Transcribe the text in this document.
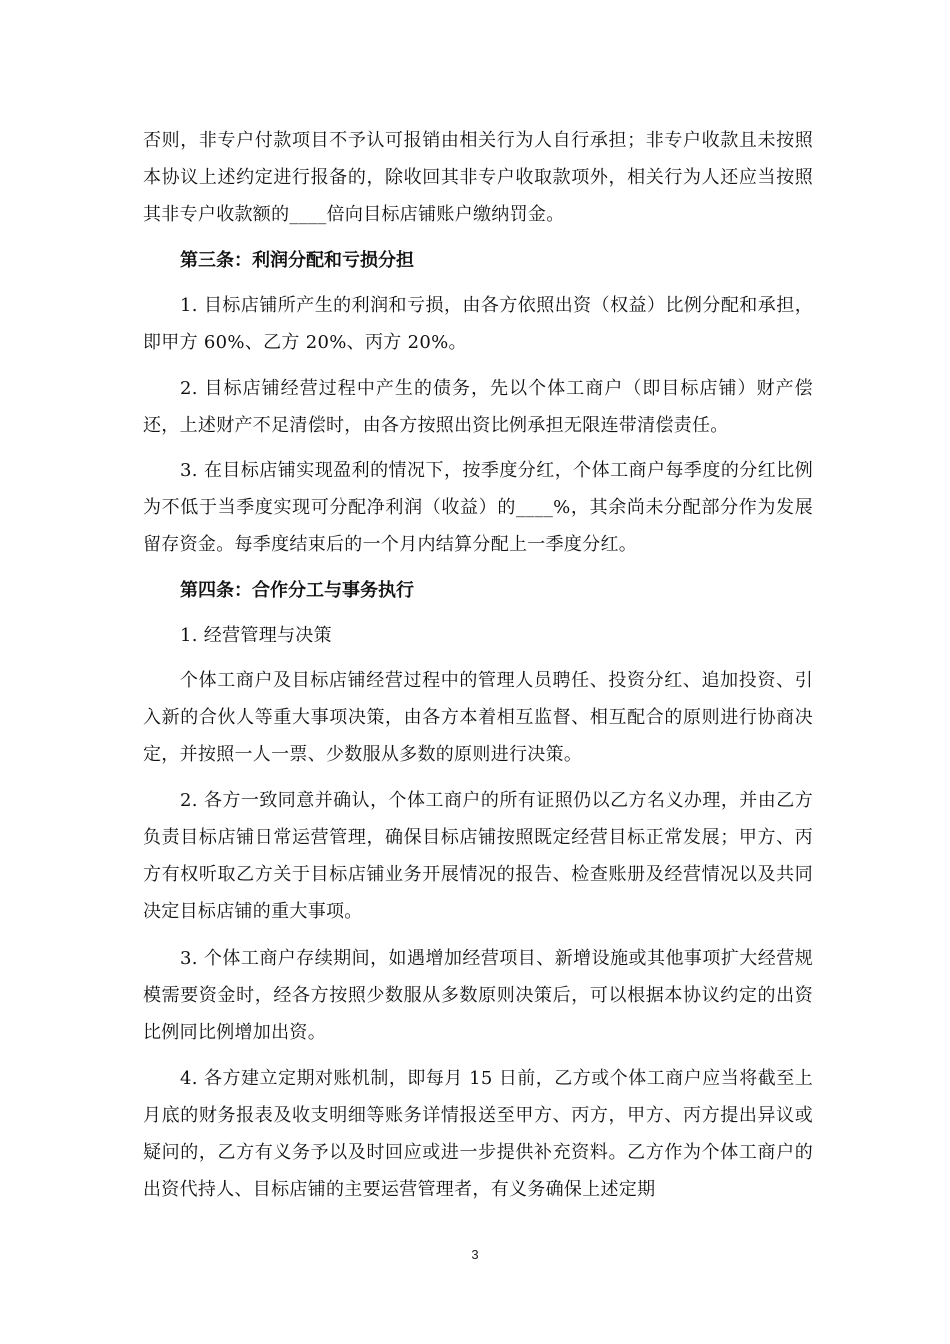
否则，非专户付款项目不予认可报销由相关行为人自行承担；非专户收款且未按照本协议上述约定进行报备的，除收回其非专户收取款项外，相关行为人还应当按照其非专户收款额的____倍向目标店铺账户缴纳罚金。

第三条：利润分配和亏损分担

1. 目标店铺所产生的利润和亏损，由各方依照出资（权益）比例分配和承担，即甲方 60%、乙方 20%、丙方 20%。

2. 目标店铺经营过程中产生的债务，先以个体工商户（即目标店铺）财产偿还，上述财产不足清偿时，由各方按照出资比例承担无限连带清偿责任。

3. 在目标店铺实现盈利的情况下，按季度分红，个体工商户每季度的分红比例为不低于当季度实现可分配净利润（收益）的____%，其余尚未分配部分作为发展留存资金。每季度结束后的一个月内结算分配上一季度分红。

第四条：合作分工与事务执行

1. 经营管理与决策

个体工商户及目标店铺经营过程中的管理人员聘任、投资分红、追加投资、引入新的合伙人等重大事项决策，由各方本着相互监督、相互配合的原则进行协商决定，并按照一人一票、少数服从多数的原则进行决策。

2. 各方一致同意并确认，个体工商户的所有证照仍以乙方名义办理，并由乙方负责目标店铺日常运营管理，确保目标店铺按照既定经营目标正常发展；甲方、丙方有权听取乙方关于目标店铺业务开展情况的报告、检查账册及经营情况以及共同决定目标店铺的重大事项。

3. 个体工商户存续期间，如遇增加经营项目、新增设施或其他事项扩大经营规模需要资金时，经各方按照少数服从多数原则决策后，可以根据本协议约定的出资比例同比例增加出资。

4. 各方建立定期对账机制，即每月 15 日前，乙方或个体工商户应当将截至上月底的财务报表及收支明细等账务详情报送至甲方、丙方，甲方、丙方提出异议或疑问的，乙方有义务予以及时回应或进一步提供补充资料。乙方作为个体工商户的出资代持人、目标店铺的主要运营管理者，有义务确保上述定期

3
